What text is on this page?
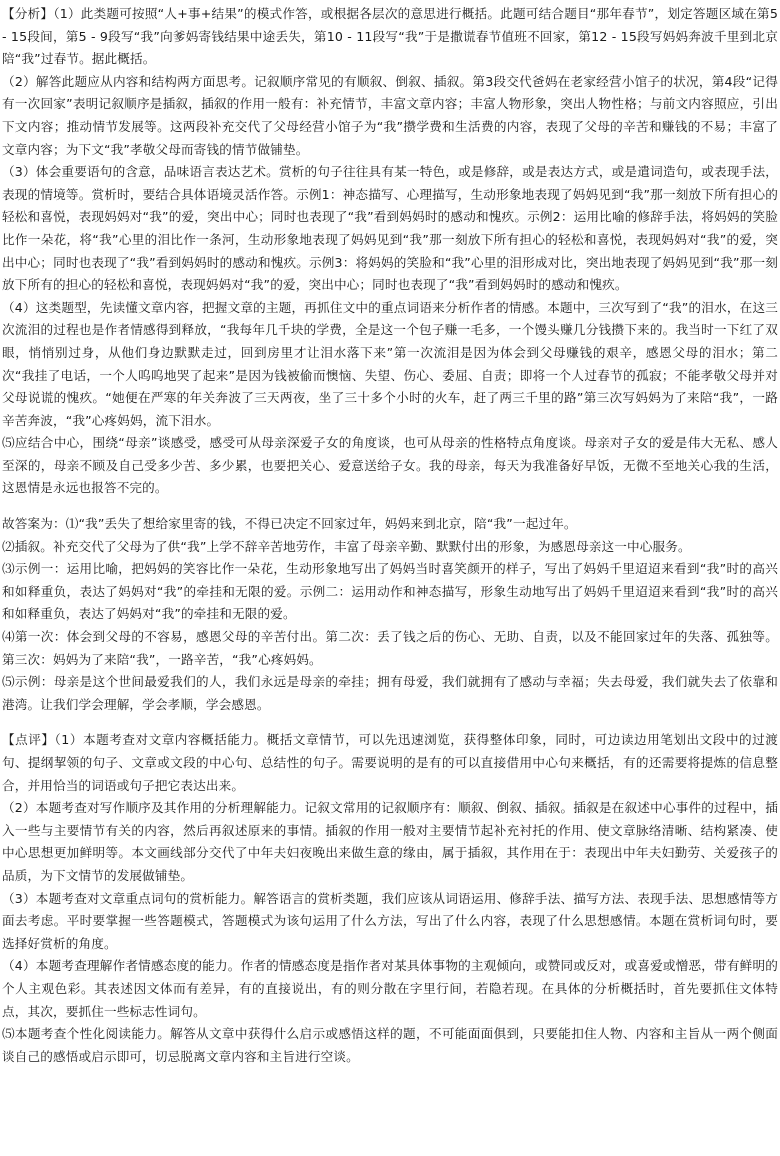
【分析】（1）此类题可按照“人+事+结果”的模式作答，或根据各层次的意思进行概括。此题可结合题目“那年春节”，划定答题区域在第5 - 15段间，第5 - 9段写“我”向爹妈寄钱结果中途丢失，第10 - 11段写“我”于是撒谎春节值班不回家，第12 - 15段写妈妈奔波千里到北京陪“我”过春节。据此概括。

（2）解答此题应从内容和结构两方面思考。记叙顺序常见的有顺叙、倒叙、插叙。第3段交代爸妈在老家经营小馆子的状况，第4段“记得有一次回家”表明记叙顺序是插叙，插叙的作用一般有：补充情节，丰富文章内容；丰富人物形象，突出人物性格；与前文内容照应，引出下文内容；推动情节发展等。这两段补充交代了父母经营小馆子为“我”攒学费和生活费的内容，表现了父母的辛苦和赚钱的不易；丰富了文章内容；为下文“我”孝敬父母而寄钱的情节做铺垫。

（3）体会重要语句的含意，品味语言表达艺术。赏析的句子往往具有某一特色，或是修辞，或是表达方式，或是遣词造句，或表现手法，表现的情境等。赏析时，要结合具体语境灵活作答。示例1：神态描写、心理描写，生动形象地表现了妈妈见到“我”那一刻放下所有担心的轻松和喜悦，表现妈妈对“我”的爱，突出中心；同时也表现了“我”看到妈妈时的感动和愧疚。示例2：运用比喻的修辞手法，将妈妈的笑脸比作一朵花，将“我”心里的泪比作一条河，生动形象地表现了妈妈见到“我”那一刻放下所有担心的轻松和喜悦，表现妈妈对“我”的爱，突出中心；同时也表现了“我”看到妈妈时的感动和愧疚。示例3：将妈妈的笑脸和“我”心里的泪形成对比，突出地表现了妈妈见到“我”那一刻放下所有的担心的轻松和喜悦，表现妈妈对“我”的爱，突出中心；同时也表现了“我”看到妈妈时的感动和愧疚。

（4）这类题型，先读懂文章内容，把握文章的主题，再抓住文中的重点词语来分析作者的情感。本题中，三次写到了“我”的泪水，在这三次流泪的过程也是作者情感得到释放，“我每年几千块的学费，全是这一个包子赚一毛多，一个馒头赚几分钱攒下来的。我当时一下红了双眼，悄悄别过身，从他们身边默默走过，回到房里才让泪水落下来”第一次流泪是因为体会到父母赚钱的艰辛，感恩父母的泪水；第二次“我挂了电话，一个人呜呜地哭了起来”是因为钱被偷而懊恼、失望、伤心、委屈、自责；即将一个人过春节的孤寂；不能孝敬父母并对父母说谎的愧疚。“她便在严寒的年关奔波了三天两夜，坐了三十多个小时的火车，赶了两三千里的路”第三次写妈妈为了来陪“我”，一路辛苦奔波，“我”心疼妈妈，流下泪水。

⑸应结合中心，围绕“母亲”谈感受，感受可从母亲深爱子女的角度谈，也可从母亲的性格特点角度谈。母亲对子女的爱是伟大无私、感人至深的，母亲不顾及自己受多少苦、多少累，也要把关心、爱意送给子女。我的母亲，每天为我准备好早饭，无微不至地关心我的生活，这恩情是永远也报答不完的。

故答案为：⑴“我”丢失了想给家里寄的钱，不得已决定不回家过年，妈妈来到北京，陪“我”一起过年。

⑵插叙。补充交代了父母为了供“我”上学不辞辛苦地劳作，丰富了母亲辛勤、默默付出的形象，为感恩母亲这一中心服务。

⑶示例一：运用比喻，把妈妈的笑容比作一朵花，生动形象地写出了妈妈当时喜笑颜开的样子，写出了妈妈千里迢迢来看到“我”时的高兴和如释重负，表达了妈妈对“我”的牵挂和无限的爱。示例二：运用动作和神态描写，形象生动地写出了妈妈千里迢迢来看到“我”时的高兴和如释重负，表达了妈妈对“我”的牵挂和无限的爱。

⑷第一次：体会到父母的不容易，感恩父母的辛苦付出。第二次：丢了钱之后的伤心、无助、自责，以及不能回家过年的失落、孤独等。第三次：妈妈为了来陪“我”，一路辛苦，“我”心疼妈妈。

⑸示例：母亲是这个世间最爱我们的人，我们永远是母亲的牵挂；拥有母爱，我们就拥有了感动与幸福；失去母爱，我们就失去了依靠和港湾。让我们学会理解，学会孝顺，学会感恩。

【点评】（1）本题考查对文章内容概括能力。概括文章情节，可以先迅速浏览，获得整体印象，同时，可边读边用笔划出文段中的过渡句、提纲挈领的句子、文章或文段的中心句、总结性的句子。需要说明的是有的可以直接借用中心句来概括，有的还需要将提炼的信息整合，并用恰当的词语或句子把它表达出来。

（2）本题考查对写作顺序及其作用的分析理解能力。记叙文常用的记叙顺序有：顺叙、倒叙、插叙。插叙是在叙述中心事件的过程中，插入一些与主要情节有关的内容，然后再叙述原来的事情。插叙的作用一般对主要情节起补充衬托的作用、使文章脉络清晰、结构紧凑、使中心思想更加鲜明等。本文画线部分交代了中年夫妇夜晚出来做生意的缘由，属于插叙，其作用在于：表现出中年夫妇勤劳、关爱孩子的品质，为下文情节的发展做铺垫。

（3）本题考查对文章重点词句的赏析能力。解答语言的赏析类题，我们应该从词语运用、修辞手法、描写方法、表现手法、思想感情等方面去考虑。平时要掌握一些答题模式，答题模式为该句运用了什么方法，写出了什么内容，表现了什么思想感情。本题在赏析词句时，要选择好赏析的角度。

（4）本题考查理解作者情感态度的能力。作者的情感态度是指作者对某具体事物的主观倾向，或赞同或反对，或喜爱或憎恶，带有鲜明的个人主观色彩。其表述因文体而有差异，有的直接说出，有的则分散在字里行间，若隐若现。在具体的分析概括时，首先要抓住文体特点，其次，要抓住一些标志性词句。

⑸本题考查个性化阅读能力。解答从文章中获得什么启示或感悟这样的题，不可能面面俱到，只要能扣住人物、内容和主旨从一两个侧面谈自己的感悟或启示即可，切忌脱离文章内容和主旨进行空谈。
